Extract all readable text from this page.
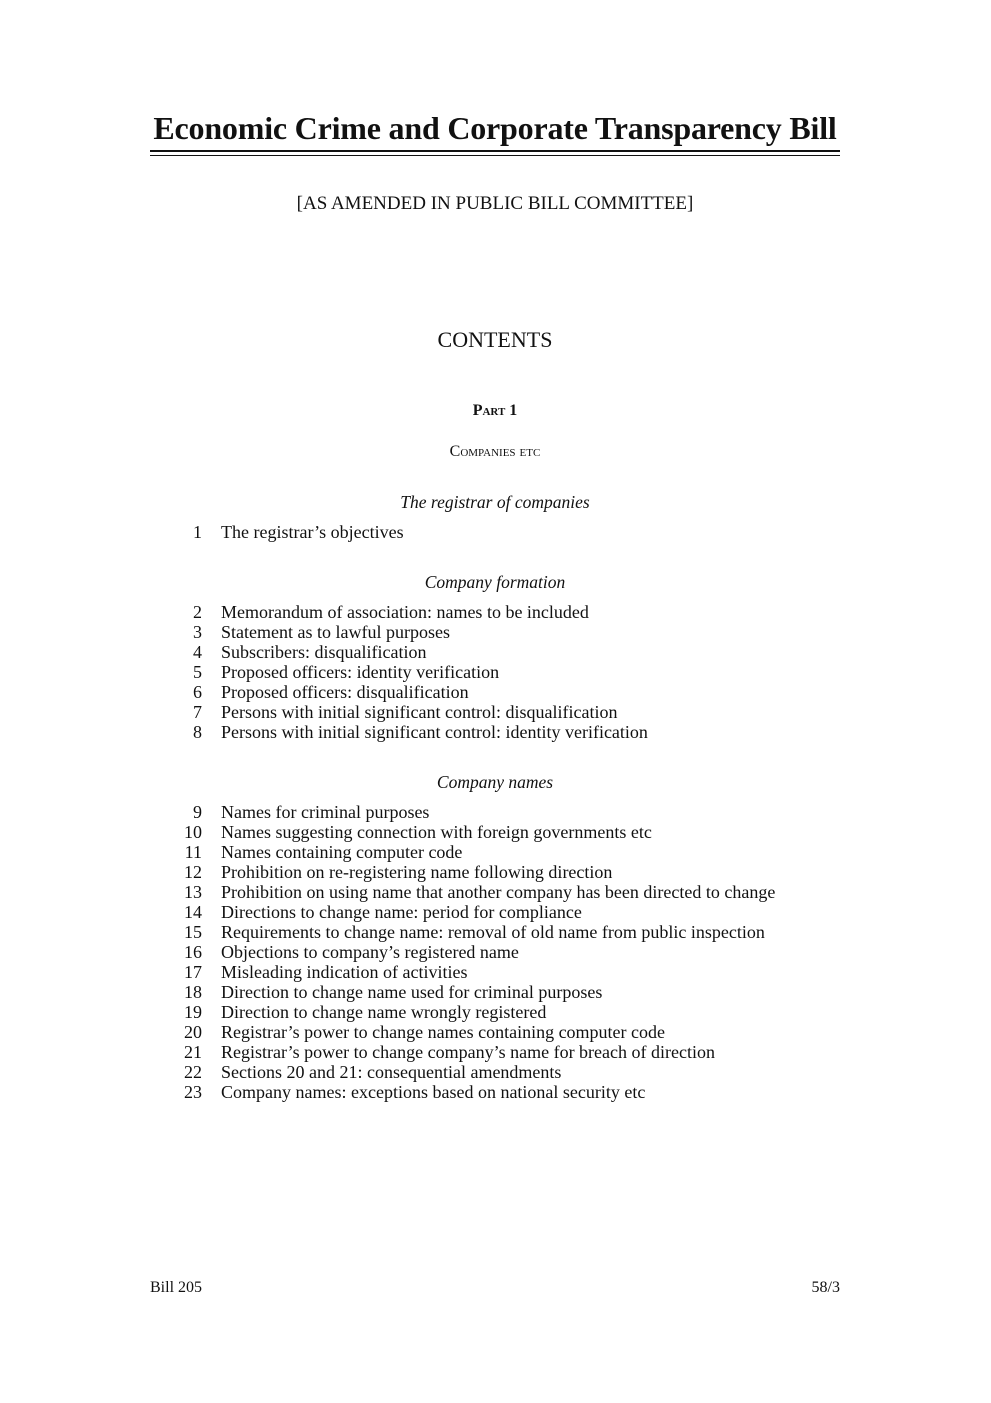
Economic Crime and Corporate Transparency Bill
[AS AMENDED IN PUBLIC BILL COMMITTEE]
CONTENTS
Part 1
Companies etc
The registrar of companies
1 The registrar’s objectives
Company formation
2 Memorandum of association: names to be included
3 Statement as to lawful purposes
4 Subscribers: disqualification
5 Proposed officers: identity verification
6 Proposed officers: disqualification
7 Persons with initial significant control: disqualification
8 Persons with initial significant control: identity verification
Company names
9 Names for criminal purposes
10 Names suggesting connection with foreign governments etc
11 Names containing computer code
12 Prohibition on re-registering name following direction
13 Prohibition on using name that another company has been directed to change
14 Directions to change name: period for compliance
15 Requirements to change name: removal of old name from public inspection
16 Objections to company’s registered name
17 Misleading indication of activities
18 Direction to change name used for criminal purposes
19 Direction to change name wrongly registered
20 Registrar’s power to change names containing computer code
21 Registrar’s power to change company’s name for breach of direction
22 Sections 20 and 21: consequential amendments
23 Company names: exceptions based on national security etc
Bill 205	58/3
